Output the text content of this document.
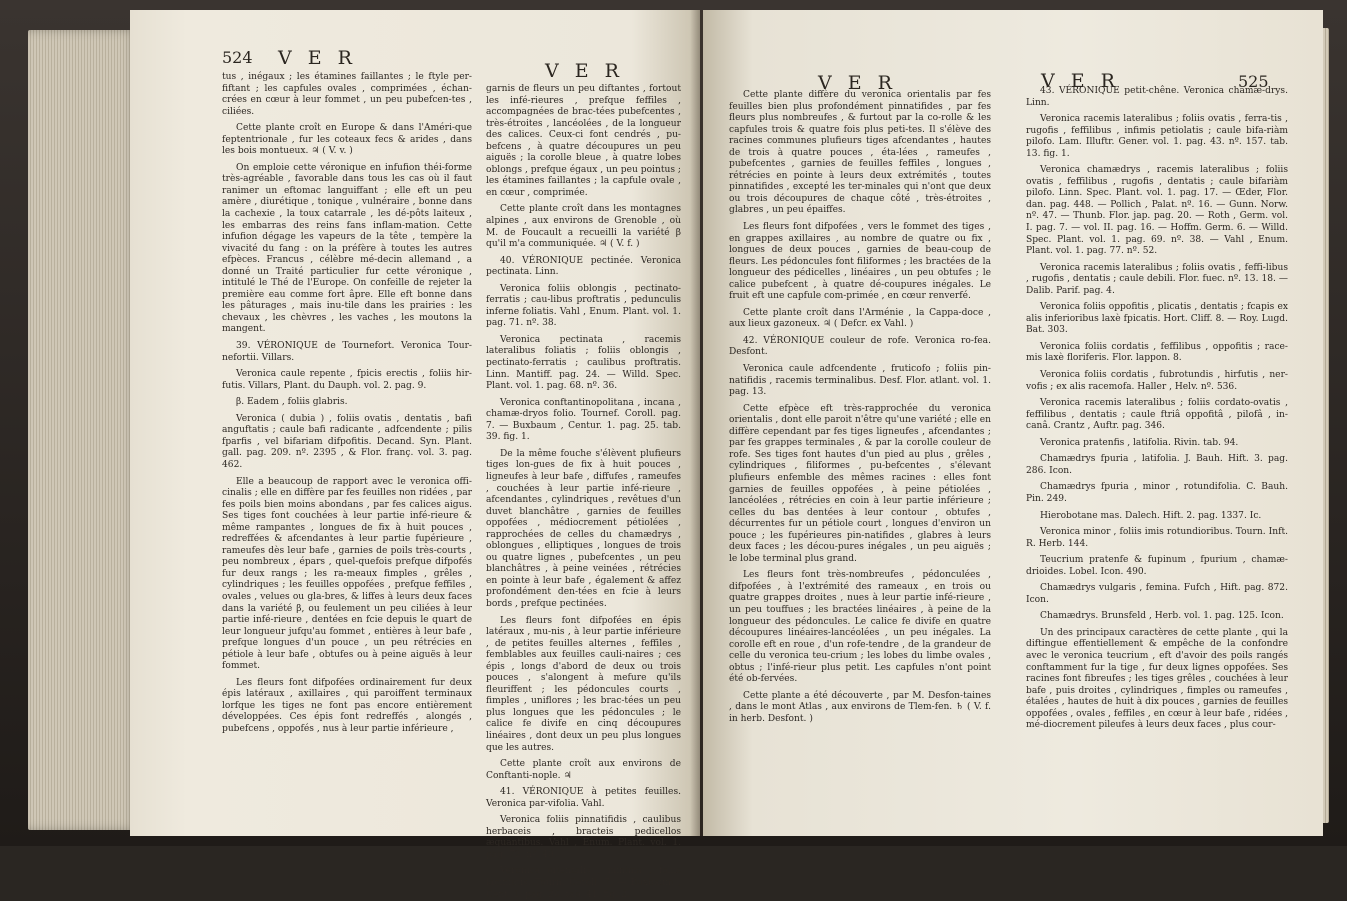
524 V E R
V E R

tus , inégaux ; les étamines faillantes ; le ftyle per-fiftant ; les capfules ovales , comprimées , échan-crées en cœur à leur fommet , un peu pubefcen-tes , ciliées.

Cette plante croît en Europe & dans l'Améri-que feptentrionale , fur les coteaux fecs & arides , dans les bois montueux. ♃ ( V. v. )

On emploie cette véronique en infufion théi-forme très-agréable , favorable dans tous les cas où il faut ranimer un eftomac languiffant ; elle eft un peu amère , diurétique , tonique , vulnéraire , bonne dans la cachexie , la toux catarrale , les dé-pôts laiteux , les embarras des reins fans inflam-mation. Cette infufion dégage les vapeurs de la tête , tempère la vivacité du fang : on la préfère à toutes les autres efpèces. Francus , célèbre mé-decin allemand , a donné un Traité particulier fur cette véronique , intitulé le Thé de l'Europe. On confeille de rejeter la première eau comme fort âpre. Elle eft bonne dans les pâturages , mais inu-tile dans les prairies : les chevaux , les chèvres , les vaches , les moutons la mangent.

39. VÉRONIQUE de Tournefort. Veronica Tour-nefortii. Villars.

Veronica caule repente , fpicis erectis , foliis hir-futis. Villars, Plant. du Dauph. vol. 2. pag. 9.

β. Eadem , foliis glabris.

Veronica ( dubia ) , foliis ovatis , dentatis , bafi anguftatis ; caule bafi radicante , adfcendente ; pilis fparfis , vel bifariam difpofitis. Decand. Syn. Plant. gall. pag. 209. nº. 2395 , & Flor. franç. vol. 3. pag. 462.

Elle a beaucoup de rapport avec le veronica offi-cinalis ; elle en diffère par fes feuilles non ridées , par fes poils bien moins abondans , par fes calices aigus. Ses tiges font couchées à leur partie infé-rieure & même rampantes , longues de fix à huit pouces , redreffées & afcendantes à leur partie fupérieure , rameufes dès leur bafe , garnies de poils très-courts , peu nombreux , épars , quel-quefois prefque difpofés fur deux rangs ; les ra-meaux fimples , grêles , cylindriques ; les feuilles oppofées , prefque feffiles , ovales , velues ou gla-bres, & liffes à leurs deux faces dans la variété β, ou feulement un peu ciliées à leur partie infé-rieure , dentées en fcie depuis le quart de leur longueur jufqu'au fommet , entières à leur bafe , prefque longues d'un pouce , un peu rétrécies en pétiole à leur bafe , obtufes ou à peine aiguës à leur fommet.

Les fleurs font difpofées ordinairement fur deux épis latéraux , axillaires , qui paroiffent terminaux lorfque les tiges ne font pas encore entièrement développées. Ces épis font redreffés , alongés , pubefcens , oppofés , nus à leur partie inférieure ,

garnis de fleurs un peu diftantes , fortout les infé-rieures , prefque feffiles , accompagnées de brac-tées pubefcentes , très-étroites , lancéolées , de la longueur des calices. Ceux-ci font cendrés , pu-befcens , à quatre découpures un peu aiguës ; la corolle bleue , à quatre lobes oblongs , prefque égaux , un peu pointus ; les étamines faillantes ; la capfule ovale , en cœur , comprimée.

Cette plante croît dans les montagnes alpines , aux environs de Grenoble , où M. de Foucault a recueilli la variété β qu'il m'a communiquée. ♃ ( V. f. )

40. VÉRONIQUE pectinée. Veronica pectinata. Linn.

Veronica foliis oblongis , pectinato-ferratis ; cau-libus proftratis , pedunculis inferne foliatis. Vahl , Enum. Plant. vol. 1. pag. 71. nº. 38.

Veronica pectinata , racemis lateralibus foliatis ; foliis oblongis , pectinato-ferratis ; caulibus proftratis. Linn. Mantiff. pag. 24. — Willd. Spec. Plant. vol. 1. pag. 68. nº. 36.

Veronica conftantinopolitana , incana , chamæ-dryos folio. Tournef. Coroll. pag. 7. — Buxbaum , Centur. 1. pag. 25. tab. 39. fig. 1.

De la même fouche s'élèvent plufieurs tiges lon-gues de fix à huit pouces , ligneufes à leur bafe , diffufes , rameufes , couchées à leur partie infé-rieure , afcendantes , cylindriques , revêtues d'un duvet blanchâtre , garnies de feuilles oppofées , médiocrement pétiolées , rapprochées de celles du chamædrys , oblongues , elliptiques , longues de trois ou quatre lignes , pubefcentes , un peu blanchâtres , à peine veinées , rétrécies en pointe à leur bafe , également & affez profondément den-tées en fcie à leurs bords , prefque pectinées.

Les fleurs font difpofées en épis latéraux , mu-nis , à leur partie inférieure , de petites feuilles alternes , feffiles , femblables aux feuilles cauli-naires ; ces épis , longs d'abord de deux ou trois pouces , s'alongent à mefure qu'ils fleuriffent ; les pédoncules courts , fimples , uniflores ; les brac-tées un peu plus longues que les pédoncules ; le calice fe divife en cinq découpures linéaires , dont deux un peu plus longues que les autres.

Cette plante croît aux environs de Conftanti-nople. ♃

41. VÉRONIQUE à petites feuilles. Veronica par-vifolia. Vahl.

Veronica foliis pinnatifidis , caulibus herbaceis , bracteis pedicellos æquantibus. Vahl , Enum. Plant. vol. 1. pag. 72. nº. 40.

Veronica orientalis , minima , foliis laciniatis. Tourn. Coroll. 7. — Buxbaum , Cent. 1. pag. 26. tab. 41. fig. 2.

V E R	V E R	525

Cette plante diffère du veronica orientalis par fes feuilles bien plus profondément pinnatifides , par fes fleurs plus nombreufes , & furtout par la co-rolle & les capfules trois & quatre fois plus peti-tes. Il s'élève des racines communes plufieurs tiges afcendantes , hautes de trois à quatre pouces , éta-lées , rameufes , pubefcentes , garnies de feuilles feffiles , longues , rétrécies en pointe à leurs deux extrémités , toutes pinnatifides , excepté les ter-minales qui n'ont que deux ou trois découpures de chaque côté , très-étroites , glabres , un peu épaiffes.

Les fleurs font difpofées , vers le fommet des tiges , en grappes axillaires , au nombre de quatre ou fix , longues de deux pouces , garnies de beau-coup de fleurs. Les pédoncules font filiformes ; les bractées de la longueur des pédicelles , linéaires , un peu obtufes ; le calice pubefcent , à quatre dé-coupures inégales. Le fruit eft une capfule com-primée , en cœur renverfé.

Cette plante croît dans l'Arménie , la Cappa-doce , aux lieux gazoneux. ♃ ( Defcr. ex Vahl. )

42. VÉRONIQUE couleur de rofe. Veronica ro-fea. Desfont.

Veronica caule adfcendente , fruticofo ; foliis pin-natifidis , racemis terminalibus. Desf. Flor. atlant. vol. 1. pag. 13.

Cette efpèce eft très-rapprochée du veronica orientalis , dont elle paroit n'être qu'une variété ; elle en diffère cependant par fes tiges ligneufes , afcendantes ; par fes grappes terminales , & par la corolle couleur de rofe. Ses tiges font hautes d'un pied au plus , grêles , cylindriques , filiformes , pu-befcentes , s'élevant plufieurs enfemble des mêmes racines : elles font garnies de feuilles oppofées , à peine pétiolées , lancéolées , rétrécies en coin à leur partie inférieure ; celles du bas dentées à leur contour , obtufes , décurrentes fur un pétiole court , longues d'environ un pouce ; les fupérieures pin-natifides , glabres à leurs deux faces ; les décou-pures inégales , un peu aiguës ; le lobe terminal plus grand.

Les fleurs font très-nombreufes , pédonculées , difpofées , à l'extrémité des rameaux , en trois ou quatre grappes droites , nues à leur partie infé-rieure , un peu touffues ; les bractées linéaires , à peine de la longueur des pédoncules. Le calice fe divife en quatre découpures linéaires-lancéolées , un peu inégales. La corolle eft en roue , d'un rofe-tendre , de la grandeur de celle du veronica teu-crium ; les lobes du limbe ovales , obtus ; l'infé-rieur plus petit. Les capfules n'ont point été ob-fervées.

Cette plante a été découverte , par M. Desfon-taines , dans le mont Atlas , aux environs de Tlem-fen. ♄ ( V. f. in herb. Desfont. )

43. VÉRONIQUE petit-chêne. Veronica chamæ-drys. Linn.

Veronica racemis lateralibus ; foliis ovatis , ferra-tis , rugofis , feffilibus , infimis petiolatis ; caule bifa-riàm pilofo. Lam. Illuftr. Gener. vol. 1. pag. 43. nº. 157. tab. 13. fig. 1.

Veronica chamædrys , racemis lateralibus ; foliis ovatis , feffilibus , rugofis , dentatis ; caule bifariàm pilofo. Linn. Spec. Plant. vol. 1. pag. 17. — Œder, Flor. dan. pag. 448. — Pollich , Palat. nº. 16. — Gunn. Norw. nº. 47. — Thunb. Flor. jap. pag. 20. — Roth , Germ. vol. I. pag. 7. — vol. II. pag. 16. — Hoffm. Germ. 6. — Willd. Spec. Plant. vol. 1. pag. 69. nº. 38. — Vahl , Enum. Plant. vol. 1. pag. 77. nº. 52.

Veronica racemis lateralibus ; foliis ovatis , feffi-libus , rugofis , dentatis ; caule debili. Flor. fuec. nº. 13. 18. — Dalib. Parif. pag. 4.

Veronica foliis oppofitis , plicatis , dentatis ; fcapis ex alis inferioribus laxè fpicatis. Hort. Cliff. 8. — Roy. Lugd. Bat. 303.

Veronica foliis cordatis , feffilibus , oppofitis ; race-mis laxè floriferis. Flor. lappon. 8.

Veronica foliis cordatis , fubrotundis , hirfutis , ner-vofis ; ex alis racemofa. Haller , Helv. nº. 536.

Veronica racemis lateralibus ; foliis cordato-ovatis , feffilibus , dentatis ; caule ftriâ oppofitâ , pilofâ , in-canâ. Crantz , Auftr. pag. 346.

Veronica pratenfis , latifolia. Rivin. tab. 94.

Chamædrys fpuria , latifolia. J. Bauh. Hift. 3. pag. 286. Icon.

Chamædrys fpuria , minor , rotundifolia. C. Bauh. Pin. 249.

Hierobotane mas. Dalech. Hift. 2. pag. 1337. Ic.

Veronica minor , foliis imis rotundioribus. Tourn. Inft. R. Herb. 144.

Teucrium pratenfe & fupinum , fpurium , chamæ-drioides. Lobel. Icon. 490.

Chamædrys vulgaris , femina. Fufch , Hift. pag. 872. Icon.

Chamædrys. Brunsfeld , Herb. vol. 1. pag. 125. Icon.

Un des principaux caractères de cette plante , qui la diftingue effentiellement & empêche de la confondre avec le veronica teucrium , eft d'avoir des poils rangés conftamment fur la tige , fur deux lignes oppofées. Ses racines font fibreufes ; les tiges grêles , couchées à leur bafe , puis droites , cylindriques , fimples ou rameufes , étalées , hautes de huit à dix pouces , garnies de feuilles oppofées , ovales , feffiles , en cœur à leur bafe , ridées , mé-diocrement pileufes à leurs deux faces , plus cour-
